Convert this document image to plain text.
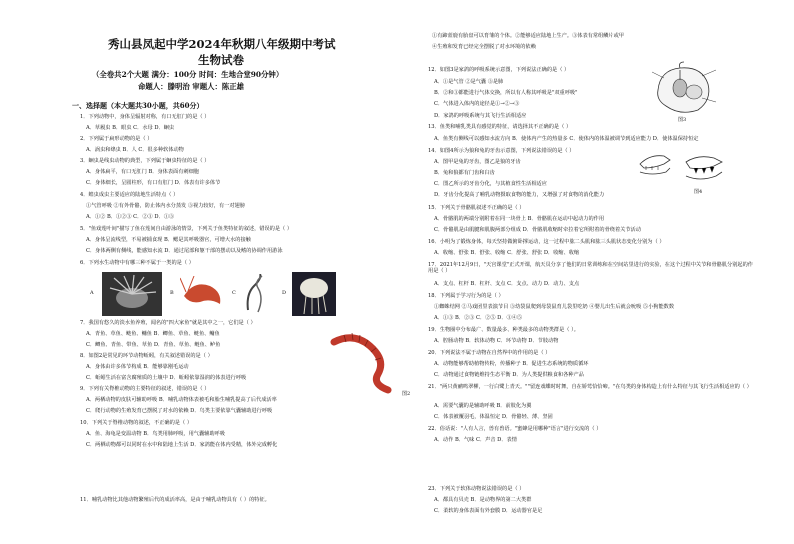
秀山县凤起中学2024年秋期八年级期中考试
生物试卷
（全卷共2个大题 满分：100分 时间：生地合堂90分钟）
命题人：滕明治 审题人：陈正雄
一、选择题（本大题共30小题，共60分）
1．下列动物中，身体呈辐射对称，有口无肛门的是（ ）
A．草履虫 B．眼虫 C．水母 D．蛔虫
2．下列属于扁形动物的是（ ）
A．涡虫和绦虫 B．人 C．很多种软体动物
3．蛔虫是线虫动物的典型，下列属于蛔虫特征的是（ ）
A．身体扁平，有口无肛门 B．身体表面有刺细胞
C．身体细长，呈圆柱形，有口有肛门 D．体表有许多体节
4．蝗虫成虫主要适应的陆地生活特点（ ）
①气管呼吸 ②有外骨骼，防止体内水分蒸发 ③视力较好，有一对翅膀
A．①② B．①②③ C．②③ D．①③
5．"鱼戏莲叶间"描写了鱼在莲间自由游泳的情景，下列关于鱼类特征的叙述，错误的是（ ）
A．身体呈流线型，不易被捕食现 B．鳃是其呼吸器官，可增大水的接触
C．身体两侧有侧线，能感知水流 D．通过尾部和躯干部的摆动以及鳍的协调作用游泳
6．下列水生动物中有哪三种不属于一类的是（ ）
A	B	C	D
7．我国有悠久的淡水鱼养殖，闻名的"四大家鱼"就是其中之一，它们是（ ）
A．青鱼、草鱼、鲢鱼、鳙鱼 B．鲫鱼、草鱼、鲢鱼、鳙鱼
C．鲫鱼、青鱼、带鱼、草鱼 D．青鱼、草鱼、鲢鱼、鲈鱼
8．如图2是常见的环节动物蚯蚓，有关叙述错误的是（ ）
A．身体由许多体节构成 B．能够靠刚毛运动
C．蚯蚓生活在富含腐殖质的土壤中 D．蚯蚓依靠湿润的体表进行呼吸
9．下列有关脊椎动物的主要特征的叙述，错误的是（ ）
A．两栖动物的皮肤可辅助呼吸 B．哺乳动物体表被毛和胎生哺乳提高了后代成活率
C．爬行动物的生殖发育已摆脱了对水的依赖 D．鸟类主要依靠气囊辅助进行呼吸
10．下列关于脊椎动物的叙述，不正确的是（ ）
A．鱼、海龟是变温动物 B．鸟类用肺呼吸，用气囊辅助呼吸
C．两栖动物都可以同时在水中和陆地上生活 D．家鸽能在体内受精，体外完成孵化
图2
11．哺乳动物比其他动物繁殖后代的成活率高，是由于哺乳动物具有（ ）的特征。
①有蹄蓝鹿有胎盘可以育雏的个体。②能够适应陆地上生产。③体表有常组鳞片或甲
④生殖和发育已经完全摆脱了对水环境的依赖
12．如图3是家鸽的呼吸系统示意图，下列说法正确的是（ ）
A．①是气管 ②是气囊 ③是肺
B．②和③都能进行气体交换，所以有人称其呼吸是"双重呼吸"
C．气体进入体内的途径是①→②→③
D．家鸽的呼吸系统与其飞行生活相适应
图3
13．鱼类和哺乳类具有感觉的特征，请选择其不正确的是（ ）
A．鱼类有侧线可以感知水流方向 B．使体内产生的热量多 C．使体内的体温被调节到适应能力 D．使体温保持恒定
14．如图4所示为狼和兔的牙齿示意图，下列说法错误的是（ ）
A．图甲是兔的牙齿，图乙是狼的牙齿
B．兔和狼都有门齿和臼齿
C．图乙所示的牙齿分化，与其植食性生活相适应
D．牙齿分化提高了哺乳动物摄取食物的能力，又增强了对食物的消化能力	图4
15．下列关于骨骼肌叙述不正确的是（ ）
A．骨骼肌的两端分别附着在同一块骨上 B．骨骼肌在运动中起动力的作用
C．骨骼肌是由肌腱和肌腹两部分组成 D．骨骼肌收缩时牵拉着它所附着的骨绕着关节活动
16．小明为了锻炼身体，每天坚持做俯卧撑运动，这一过程中肱二头肌和肱三头肌状态变化分别为（ ）
A．收缩、舒张 B．舒张、收缩 C．舒张、舒张 D．收缩、收缩
17．2021年12月9日，"天宫课堂"正式开课，航天员分享了他们的日常训练和在空间站里进行的实验，在这个过程中关节和骨骼肌分别起的作用是（ ）
A．支点、杠杆 B．杠杆、支点 C．支点、动力 D．动力、支点
18．下列属于学习行为的是（ ）
①蜘蛛结网 ②马戏团里表演节目 ③幼袋鼠爬到母袋鼠育儿袋里吃奶 ④婴儿出生后就会吮吸 ⑤小狗能数数
A．①③ B．②③ C．②⑤ D．③④⑤
19．生物圈中分布最广、数量最多、种类最多的动物类群是（ ）。
A．腔肠动物 B．软体动物 C．环节动物 D．节肢动物
20．下列说法不属于动物在自然界中的作用的是（ ）
A．动物能够帮助植物传粉，传播种子 B．促进生态系统的物质循环
C．动物通过食物链维持生态平衡 D．为人类提供粮食和各种产品
21．"两只黄鹂鸣翠柳，一行白鹭上青天。""留连戏蝶时时舞，自在娇莺恰恰啼。"在鸟类的身体构造上有什么特征与其飞行生活相适应的（ ）
A．需要气囊的是辅助呼吸 B．前肢化为翼
C．体表被覆羽毛，体温恒定 D．骨骼轻、薄、坚固
22．俗话说："人有人言，兽有兽语。"蜜蜂是用哪种"语言"进行交流的（ ）
A．动作 B．气味 C．声音 D．表情
23．下列关于软体动物说法错误的是（ ）
A．都具有贝壳 B．是动物界的第二大类群
C．柔软的身体表面有外套膜 D．运动器官是足
